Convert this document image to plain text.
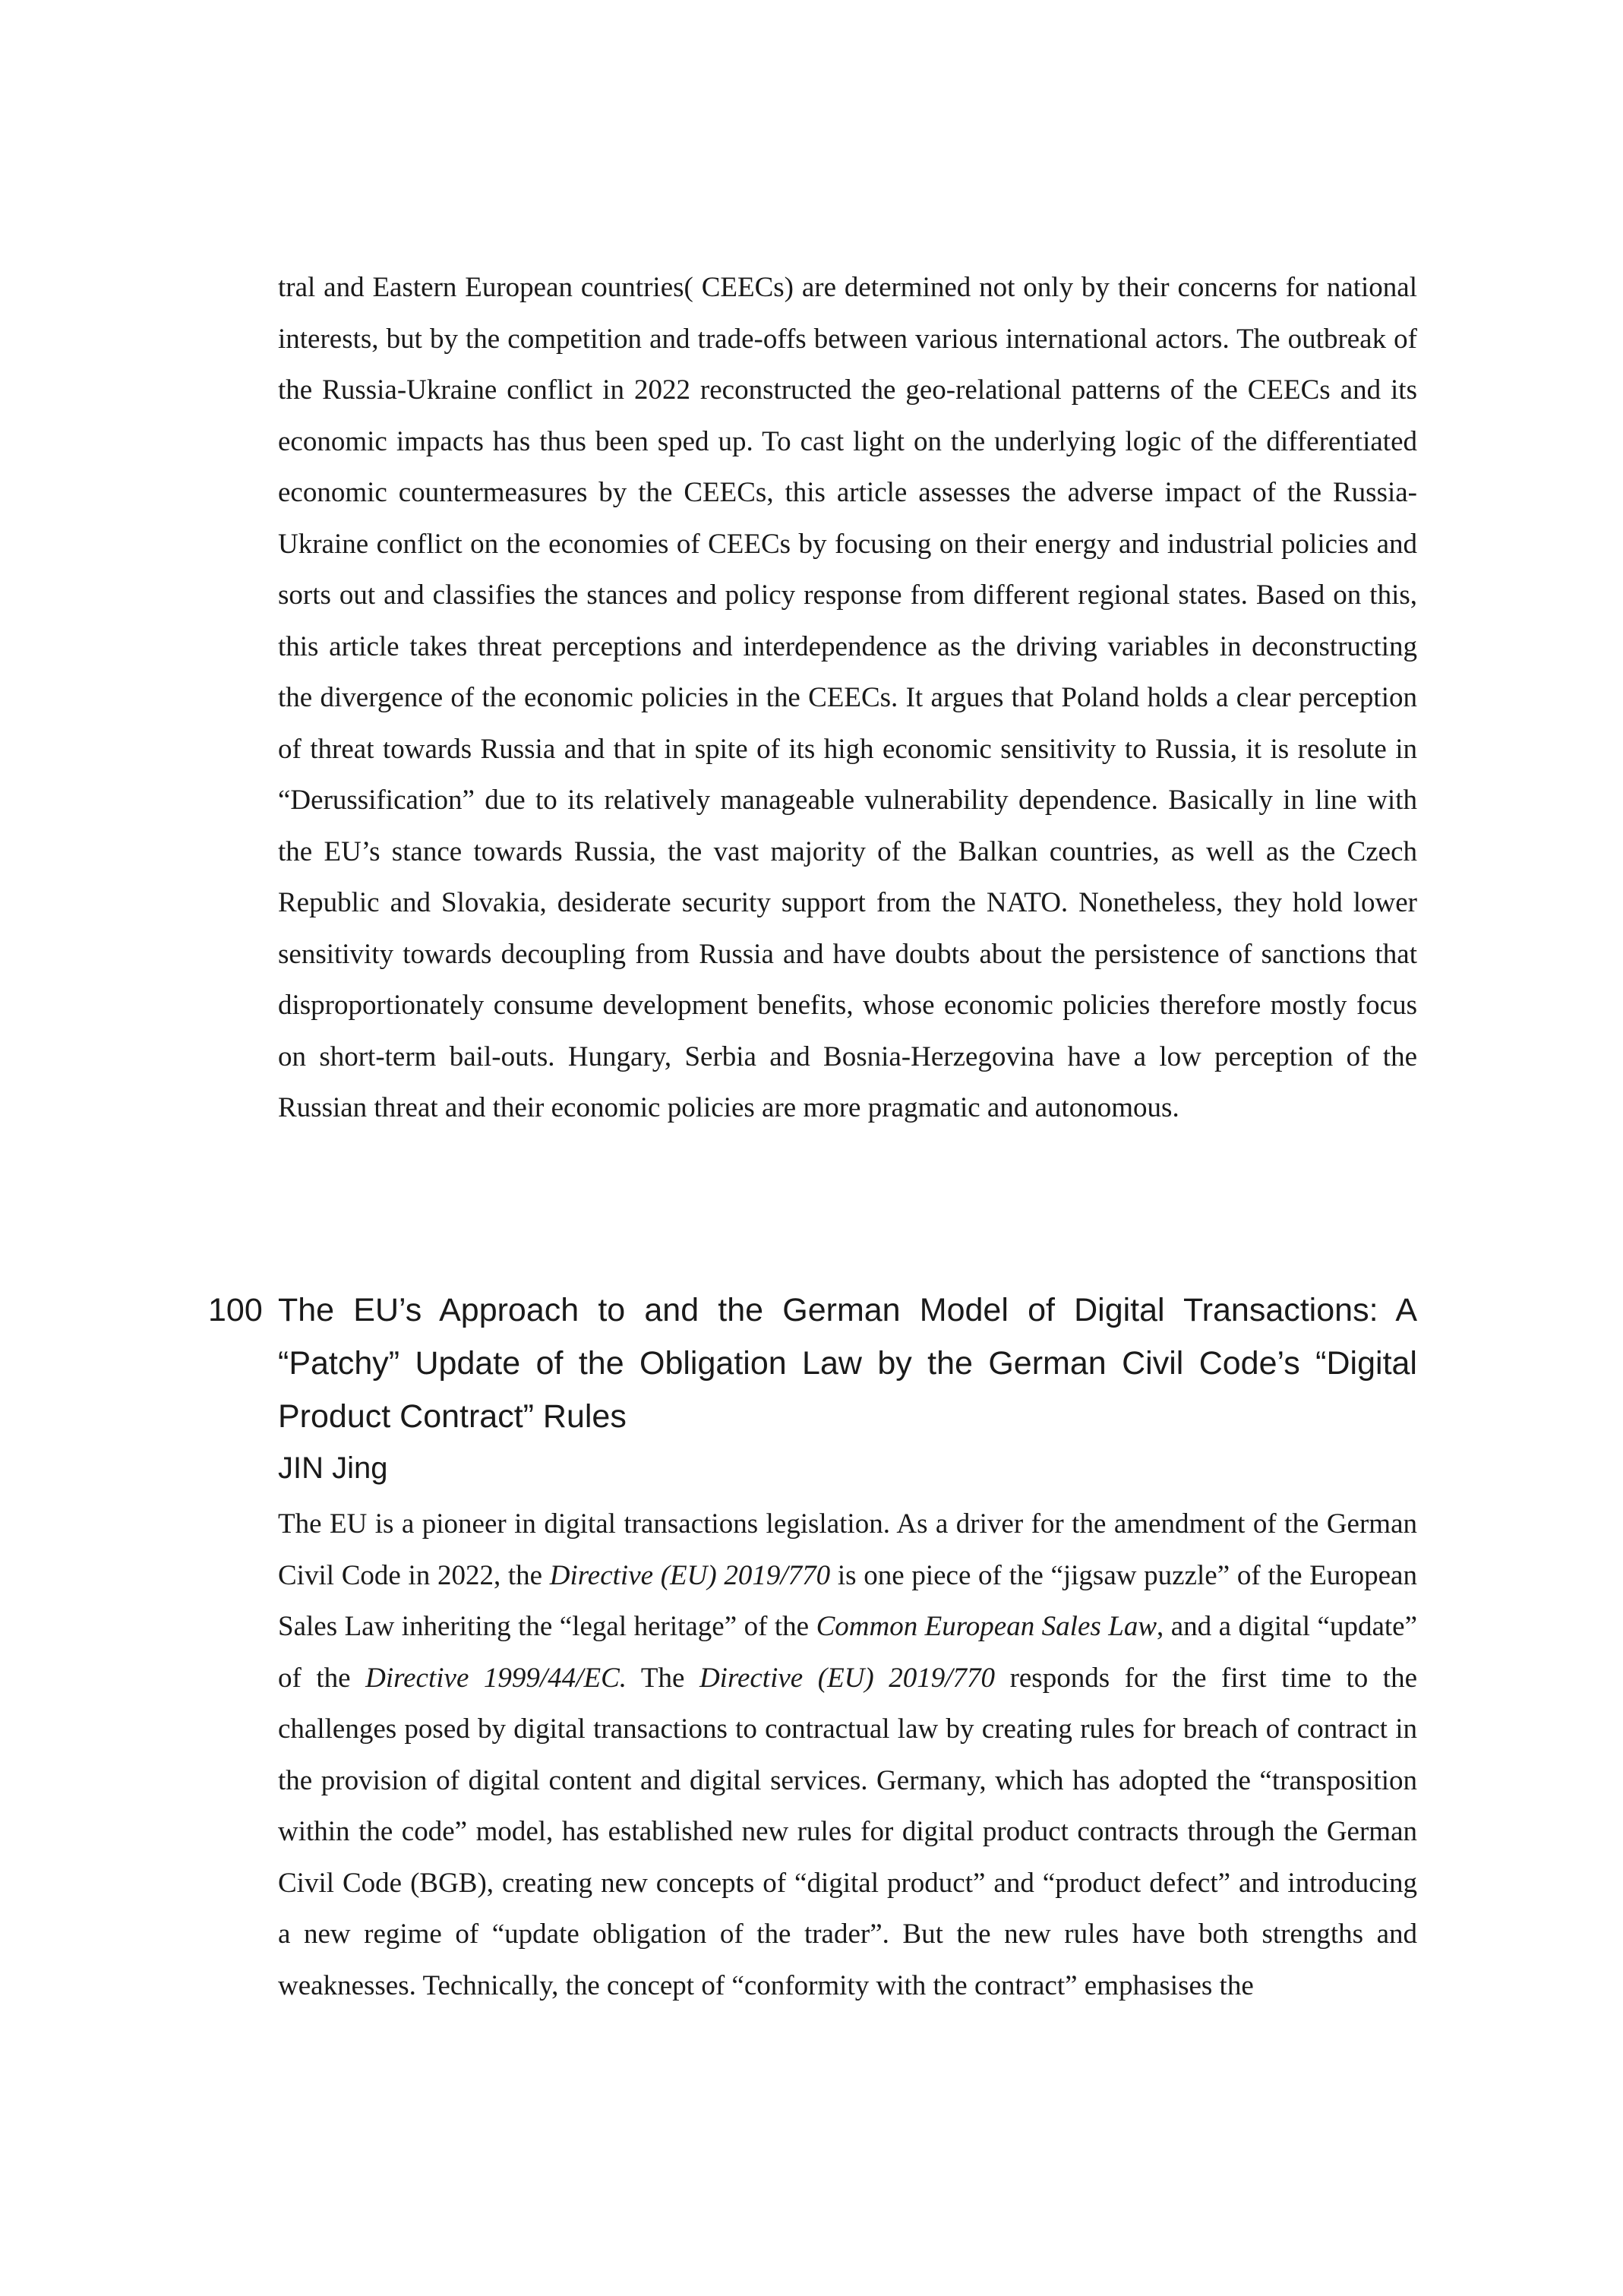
tral and Eastern European countries( CEECs) are determined not only by their concerns for national interests, but by the competition and trade-offs between various international actors. The outbreak of the Russia-Ukraine conflict in 2022 reconstructed the geo-relational patterns of the CEECs and its economic impacts has thus been sped up. To cast light on the underlying logic of the differentiated economic countermeasures by the CEECs, this article assesses the adverse impact of the Russia-Ukraine conflict on the economies of CEECs by focusing on their energy and industrial policies and sorts out and classifies the stances and policy response from different regional states. Based on this, this article takes threat perceptions and interdependence as the driving variables in deconstructing the divergence of the economic policies in the CEECs. It argues that Poland holds a clear perception of threat towards Russia and that in spite of its high economic sensitivity to Russia, it is resolute in “Derussification” due to its relatively manageable vulnerability dependence. Basically in line with the EU’s stance towards Russia, the vast majority of the Balkan countries, as well as the Czech Republic and Slovakia, desiderate security support from the NATO. Nonetheless, they hold lower sensitivity towards decoupling from Russia and have doubts about the persistence of sanctions that disproportionately consume development benefits, whose economic policies therefore mostly focus on short-term bail-outs. Hungary, Serbia and Bosnia-Herzegovina have a low perception of the Russian threat and their economic policies are more pragmatic and autonomous.

100 The EU’s Approach to and the German Model of Digital Transactions: A “Patchy” Update of the Obligation Law by the German Civil Code’s “Digital Product Contract” Rules

JIN Jing

The EU is a pioneer in digital transactions legislation. As a driver for the amendment of the German Civil Code in 2022, the Directive (EU) 2019/770 is one piece of the “jigsaw puzzle” of the European Sales Law inheriting the “legal heritage” of the Common European Sales Law, and a digital “update” of the Directive 1999/44/EC. The Directive (EU) 2019/770 responds for the first time to the challenges posed by digital transactions to contractual law by creating rules for breach of contract in the provision of digital content and digital services. Germany, which has adopted the “transposition within the code” model, has established new rules for digital product contracts through the German Civil Code (BGB), creating new concepts of “digital product” and “product defect” and introducing a new regime of “update obligation of the trader”. But the new rules have both strengths and weaknesses. Technically, the concept of “conformity with the contract” emphasises the
